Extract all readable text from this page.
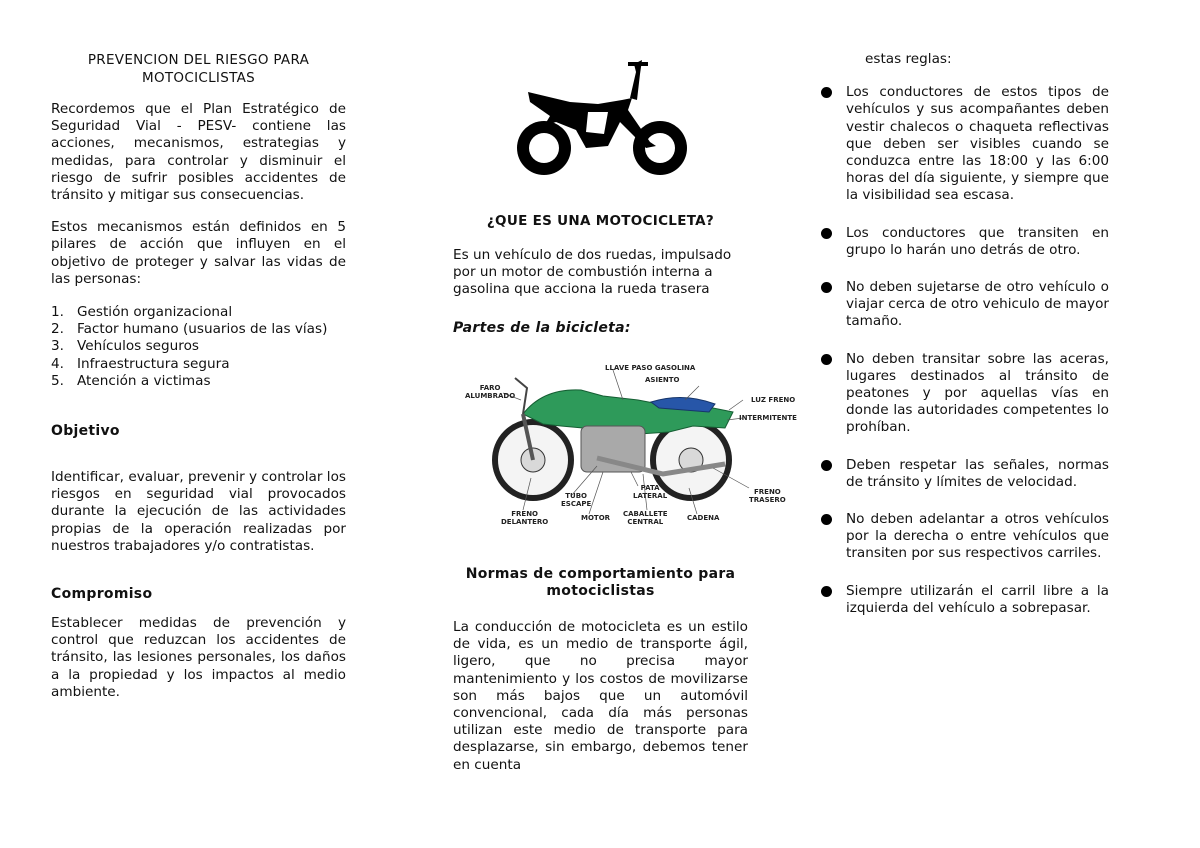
PREVENCION DEL RIESGO PARA MOTOCICLISTAS

Recordemos que el Plan Estratégico de Seguridad Vial - PESV- contiene las acciones, mecanismos, estrategias y medidas, para controlar y disminuir el riesgo de sufrir posibles accidentes de tránsito y mitigar sus consecuencias.

Estos mecanismos están definidos en 5 pilares de acción que influyen en el objetivo de proteger y salvar las vidas de las personas:

1. Gestión organizacional
2. Factor humano (usuarios de las vías)
3. Vehículos seguros
4. Infraestructura segura
5. Atención a victimas
Objetivo

Identificar, evaluar, prevenir y controlar los riesgos en seguridad vial provocados durante la ejecución de las actividades propias de la operación realizadas por nuestros trabajadores y/o contratistas.

Compromiso

Establecer medidas de prevención y control que reduzcan los accidentes de tránsito, las lesiones personales, los daños a la propiedad y los impactos al medio ambiente.

¿QUE ES UNA MOTOCICLETA?

Es un vehículo de dos ruedas, impulsado por un motor de combustión interna a gasolina que acciona la rueda trasera

Partes de la bicicleta:

FARO
ALUMBRADO
LLAVE PASO GASOLINA
ASIENTO
LUZ FRENO
INTERMITENTE
FRENO
TRASERO
PATA
LATERAL
TUBO
ESCAPE
FRENO
DELANTERO	MOTOR CABALLETE
CENTRAL	CADENA
Normas de comportamiento para motociclistas

La conducción de motocicleta es un estilo de vida, es un medio de transporte ágil, ligero, que no precisa mayor mantenimiento y los costos de movilizarse son más bajos que un automóvil convencional, cada día más personas utilizan este medio de transporte para desplazarse, sin embargo, debemos tener en cuenta

estas reglas:

Los conductores de estos tipos de vehículos y sus acompañantes deben vestir chalecos o chaqueta reflectivas que deben ser visibles cuando se conduzca entre las 18:00 y las 6:00 horas del día siguiente, y siempre que la visibilidad sea escasa.
Los conductores que transiten en grupo lo harán uno detrás de otro.
No deben sujetarse de otro vehículo o viajar cerca de otro vehiculo de mayor tamaño.
No deben transitar sobre las aceras, lugares destinados al tránsito de peatones y por aquellas vías en donde las autoridades competentes lo prohíban.
Deben respetar las señales, normas de tránsito y límites de velocidad.
No deben adelantar a otros vehículos por la derecha o entre vehículos que transiten por sus respectivos carriles.
Siempre utilizarán el carril libre a la izquierda del vehículo a sobrepasar.
